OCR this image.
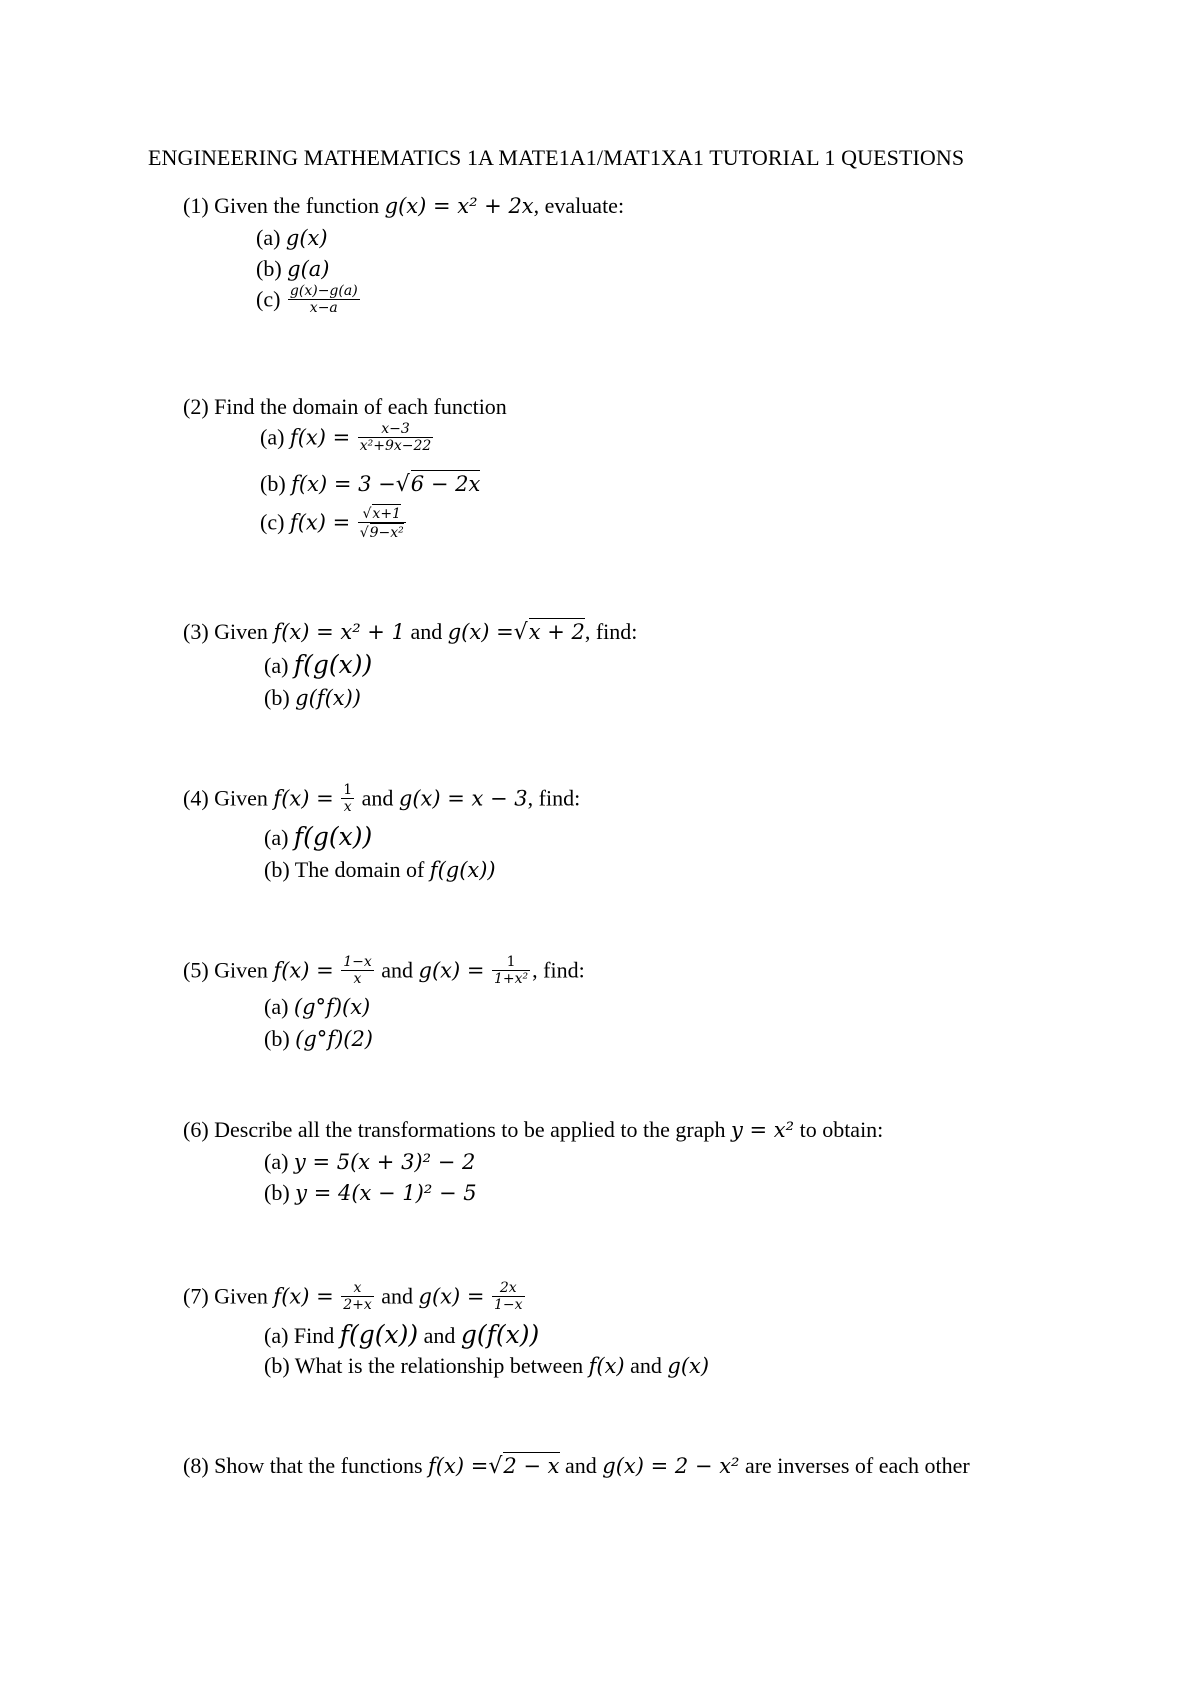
ENGINEERING MATHEMATICS 1A MATE1A1/MAT1XA1 TUTORIAL 1 QUESTIONS
(1) Given the function g(x) = x² + 2x, evaluate:
(a) g(x)
(b) g(a)
$(c) \frac{g(x)-g(a)}{x-a}$
(2) Find the domain of each function
(a) $f(x) = \frac{x-3}{\text{x²+9x−22}}$
(b) f(x) = 3 −√6 − 2x
(c) $f(x) = \frac{√x+1}{\text{√9−x²}}$
(3) Given f(x) = x² + 1 and g(x) =√x + 2, find:
(a) f(g(x))
(b) g(f(x))
(4) Given $f(x) = \frac{1}{x}$ and g(x) = x − 3, find:
(a) f(g(x))
(b) The domain of f(g(x))
(5) Given $f(x) = \frac{1-x}{x}$ and $g(x) = \frac{1}{\text{1+x²}}$ , find:
(a) (g°f)(x)
(b) (g°f)(2)
(6) Describe all the transformations to be applied to the graph y = x² to obtain:
(a) y = 5(x + 3)² − 2
(b) y = 4(x − 1)² − 5
(7) Given $f(x) = \frac{x}{2+x}$ and $g(x) = \frac{2x}{1-x}$
(a) Find f(g(x)) and g(f(x))
(b) What is the relationship between f(x) and g(x)
(8) Show that the functions f(x) =√2 − x and g(x) = 2 − x² are inverses of each other
